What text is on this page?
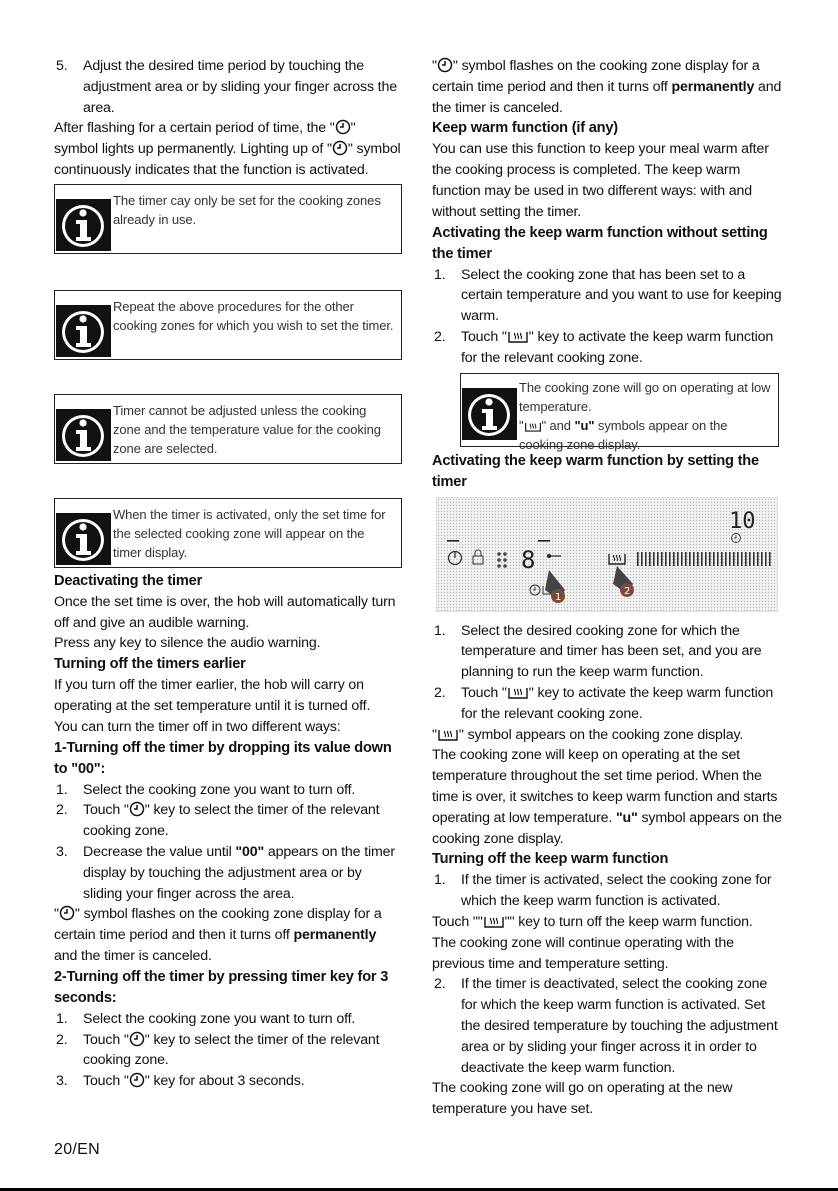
5. Adjust the desired time period by touching the adjustment area or by sliding your finger across the area.

After flashing for a certain period of time, the " " symbol lights up permanently. Lighting up of " " symbol continuously indicates that the function is activated.

The timer cay only be set for the cooking zones already in use.
Repeat the above procedures for the other cooking zones for which you wish to set the timer.
Timer cannot be adjusted unless the cooking zone and the temperature value for the cooking zone are selected.
When the timer is activated, only the set time for the selected cooking zone will appear on the timer display.
Deactivating the timer

Once the set time is over, the hob will automatically turn off and give an audible warning.

Press any key to silence the audio warning.

Turning off the timers earlier

If you turn off the timer earlier, the hob will carry on operating at the set temperature until it is turned off.

You can turn the timer off in two different ways:

1-Turning off the timer by dropping its value down to "00":
1. Select the cooking zone you want to turn off.
2. Touch " " key to select the timer of the relevant cooking zone.
3. Decrease the value until "00" appears on the timer display by touching the adjustment area or by sliding your finger across the area.

" " symbol flashes on the cooking zone display for a certain time period and then it turns off permanently and the timer is canceled.

2-Turning off the timer by pressing timer key for 3 seconds:
1. Select the cooking zone you want to turn off.
2. Touch " " key to select the timer of the relevant cooking zone.
3. Touch " " key for about 3 seconds.

" " symbol flashes on the cooking zone display for a certain time period and then it turns off permanently and the timer is canceled.

Keep warm function (if any)

You can use this function to keep your meal warm after the cooking process is completed. The keep warm function may be used in two different ways: with and without setting the timer.

Activating the keep warm function without setting the timer
1. Select the cooking zone that has been set to a certain temperature and you want to use for keeping warm.
2. Touch " " key to activate the keep warm function for the relevant cooking zone.
The cooking zone will go on operating at low temperature.
" " and "u" symbols appear on the cooking zone display.
Activating the keep warm function by setting the timer
8
1
2
10
1. Select the desired cooking zone for which the temperature and timer has been set, and you are planning to run the keep warm function.
2. Touch " " key to activate the keep warm function for the relevant cooking zone.

" " symbol appears on the cooking zone display.

The cooking zone will keep on operating at the set temperature throughout the set time period. When the time is over, it switches to keep warm function and starts operating at low temperature. "u" symbol appears on the cooking zone display.

Turning off the keep warm function
1. If the timer is activated, select the cooking zone for which the keep warm function is activated.

Touch "" "" key to turn off the keep warm function.

The cooking zone will continue operating with the previous time and temperature setting.

2. If the timer is deactivated, select the cooking zone for which the keep warm function is activated. Set the desired temperature by touching the adjustment area or by sliding your finger across it in order to deactivate the keep warm function.

The cooking zone will go on operating at the new temperature you have set.

20/EN
